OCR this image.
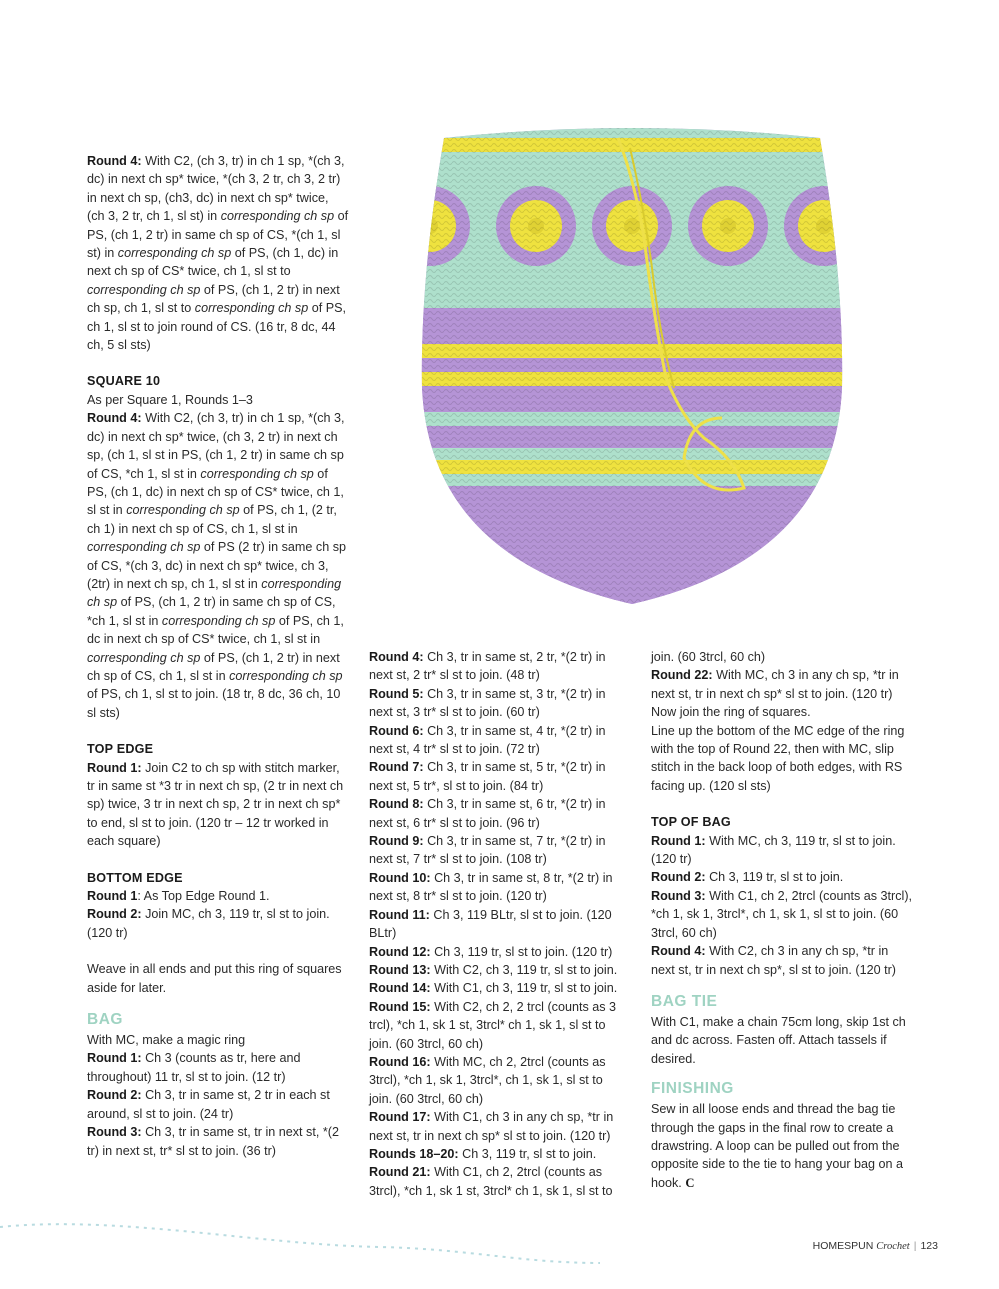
Round 4: With C2, (ch 3, tr) in ch 1 sp, *(ch 3, dc) in next ch sp* twice, *(ch 3, 2 tr, ch 3, 2 tr) in next ch sp, (ch3, dc) in next ch sp* twice, (ch 3, 2 tr, ch 1, sl st) in corresponding ch sp of PS, (ch 1, 2 tr) in same ch sp of CS, *(ch 1, sl st) in corresponding ch sp of PS, (ch 1, dc) in next ch sp of CS* twice, ch 1, sl st to corresponding ch sp of PS, (ch 1, 2 tr) in next ch sp, ch 1, sl st to corresponding ch sp of PS, ch 1, sl st to join round of CS. (16 tr, 8 dc, 44 ch, 5 sl sts)

SQUARE 10

As per Square 1, Rounds 1–3

Round 4: With C2, (ch 3, tr) in ch 1 sp, *(ch 3, dc) in next ch sp* twice, (ch 3, 2 tr) in next ch sp, (ch 1, sl st in PS, (ch 1, 2 tr) in same ch sp of CS, *ch 1, sl st in corresponding ch sp of PS, (ch 1, dc) in next ch sp of CS* twice, ch 1, sl st in corresponding ch sp of PS, ch 1, (2 tr, ch 1) in next ch sp of CS, ch 1, sl st in corresponding ch sp of PS (2 tr) in same ch sp of CS, *(ch 3, dc) in next ch sp* twice, ch 3, (2tr) in next ch sp, ch 1, sl st in corresponding ch sp of PS, (ch 1, 2 tr) in same ch sp of CS, *ch 1, sl st in corresponding ch sp of PS, ch 1, dc in next ch sp of CS* twice, ch 1, sl st in corresponding ch sp of PS, (ch 1, 2 tr) in next ch sp of CS, ch 1, sl st in corresponding ch sp of PS, ch 1, sl st to join. (18 tr, 8 dc, 36 ch, 10 sl sts)

TOP EDGE

Round 1: Join C2 to ch sp with stitch marker, tr in same st *3 tr in next ch sp, (2 tr in next ch sp) twice, 3 tr in next ch sp, 2 tr in next ch sp* to end, sl st to join. (120 tr – 12 tr worked in each square)

BOTTOM EDGE

Round 1: As Top Edge Round 1.

Round 2: Join MC, ch 3, 119 tr, sl st to join. (120 tr)

Weave in all ends and put this ring of squares aside for later.

BAG

With MC, make a magic ring

Round 1: Ch 3 (counts as tr, here and throughout) 11 tr, sl st to join. (12 tr)

Round 2: Ch 3, tr in same st, 2 tr in each st around, sl st to join. (24 tr)

Round 3: Ch 3, tr in same st, tr in next st, *(2 tr) in next st, tr* sl st to join. (36 tr)

Round 4: Ch 3, tr in same st, 2 tr, *(2 tr) in next st, 2 tr* sl st to join. (48 tr)

Round 5: Ch 3, tr in same st, 3 tr, *(2 tr) in next st, 3 tr* sl st to join. (60 tr)

Round 6: Ch 3, tr in same st, 4 tr, *(2 tr) in next st, 4 tr* sl st to join. (72 tr)

Round 7: Ch 3, tr in same st, 5 tr, *(2 tr) in next st, 5 tr*, sl st to join. (84 tr)

Round 8: Ch 3, tr in same st, 6 tr, *(2 tr) in next st, 6 tr* sl st to join. (96 tr)

Round 9: Ch 3, tr in same st, 7 tr, *(2 tr) in next st, 7 tr* sl st to join. (108 tr)

Round 10: Ch 3, tr in same st, 8 tr, *(2 tr) in next st, 8 tr* sl st to join. (120 tr)

Round 11: Ch 3, 119 BLtr, sl st to join. (120 BLtr)

Round 12: Ch 3, 119 tr, sl st to join. (120 tr)

Round 13: With C2, ch 3, 119 tr, sl st to join.

Round 14: With C1, ch 3, 119 tr, sl st to join.

Round 15: With C2, ch 2, 2 trcl (counts as 3 trcl), *ch 1, sk 1 st, 3trcl* ch 1, sk 1, sl st to join. (60 3trcl, 60 ch)

Round 16: With MC, ch 2, 2trcl (counts as 3trcl), *ch 1, sk 1, 3trcl*, ch 1, sk 1, sl st to join. (60 3trcl, 60 ch)

Round 17: With C1, ch 3 in any ch sp, *tr in next st, tr in next ch sp* sl st to join. (120 tr)

Rounds 18–20: Ch 3, 119 tr, sl st to join.

Round 21: With C1, ch 2, 2trcl (counts as 3trcl), *ch 1, sk 1 st, 3trcl* ch 1, sk 1, sl st to

join. (60 3trcl, 60 ch)

Round 22: With MC, ch 3 in any ch sp, *tr in next st, tr in next ch sp* sl st to join. (120 tr)

Now join the ring of squares.

Line up the bottom of the MC edge of the ring with the top of Round 22, then with MC, slip stitch in the back loop of both edges, with RS facing up. (120 sl sts)

TOP OF BAG

Round 1: With MC, ch 3, 119 tr, sl st to join. (120 tr)

Round 2: Ch 3, 119 tr, sl st to join.

Round 3: With C1, ch 2, 2trcl (counts as 3trcl), *ch 1, sk 1, 3trcl*, ch 1, sk 1, sl st to join. (60 3trcl, 60 ch)

Round 4: With C2, ch 3 in any ch sp, *tr in next st, tr in next ch sp*, sl st to join. (120 tr)

BAG TIE

With C1, make a chain 75cm long, skip 1st ch and dc across. Fasten off. Attach tassels if desired.

FINISHING

Sew in all loose ends and thread the bag tie through the gaps in the final row to create a drawstring. A loop can be pulled out from the opposite side to the tie to hang your bag on a hook. C

HOMESPUN Crochet | 123
